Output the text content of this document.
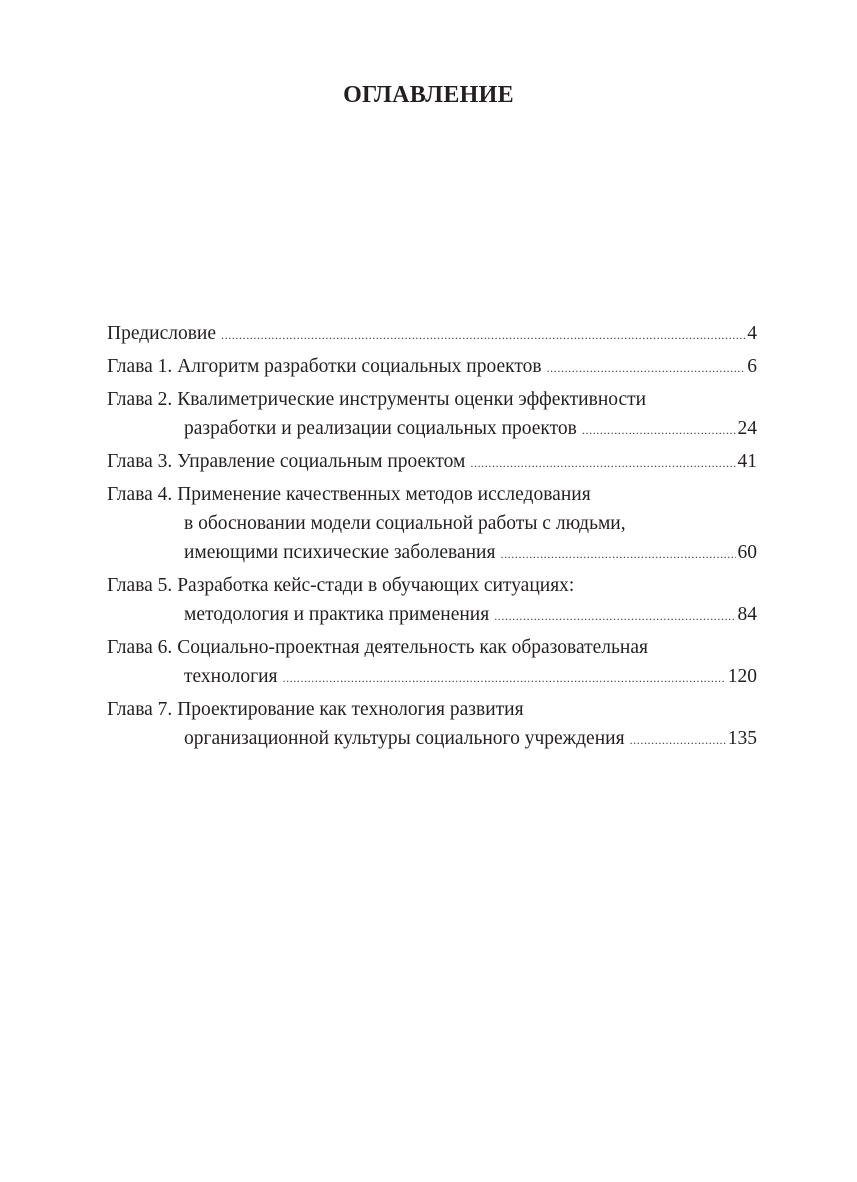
ОГЛАВЛЕНИЕ
Предисловие .....	4
Глава 1. Алгоритм разработки социальных проектов .....	6
Глава 2. Квалиметрические инструменты оценки эффективности
разработки и реализации социальных проектов .....	24
Глава 3. Управление социальным проектом .....	41
Глава 4. Применение качественных методов исследования
в обосновании модели социальной работы с людьми,
имеющими психические заболевания .....	60
Глава 5. Разработка кейс-стади в обучающих ситуациях:
методология и практика применения .....	84
Глава 6. Социально-проектная деятельность как образовательная
технология .....	120
Глава 7. Проектирование как технология развития
организационной культуры социального учреждения .....	135
